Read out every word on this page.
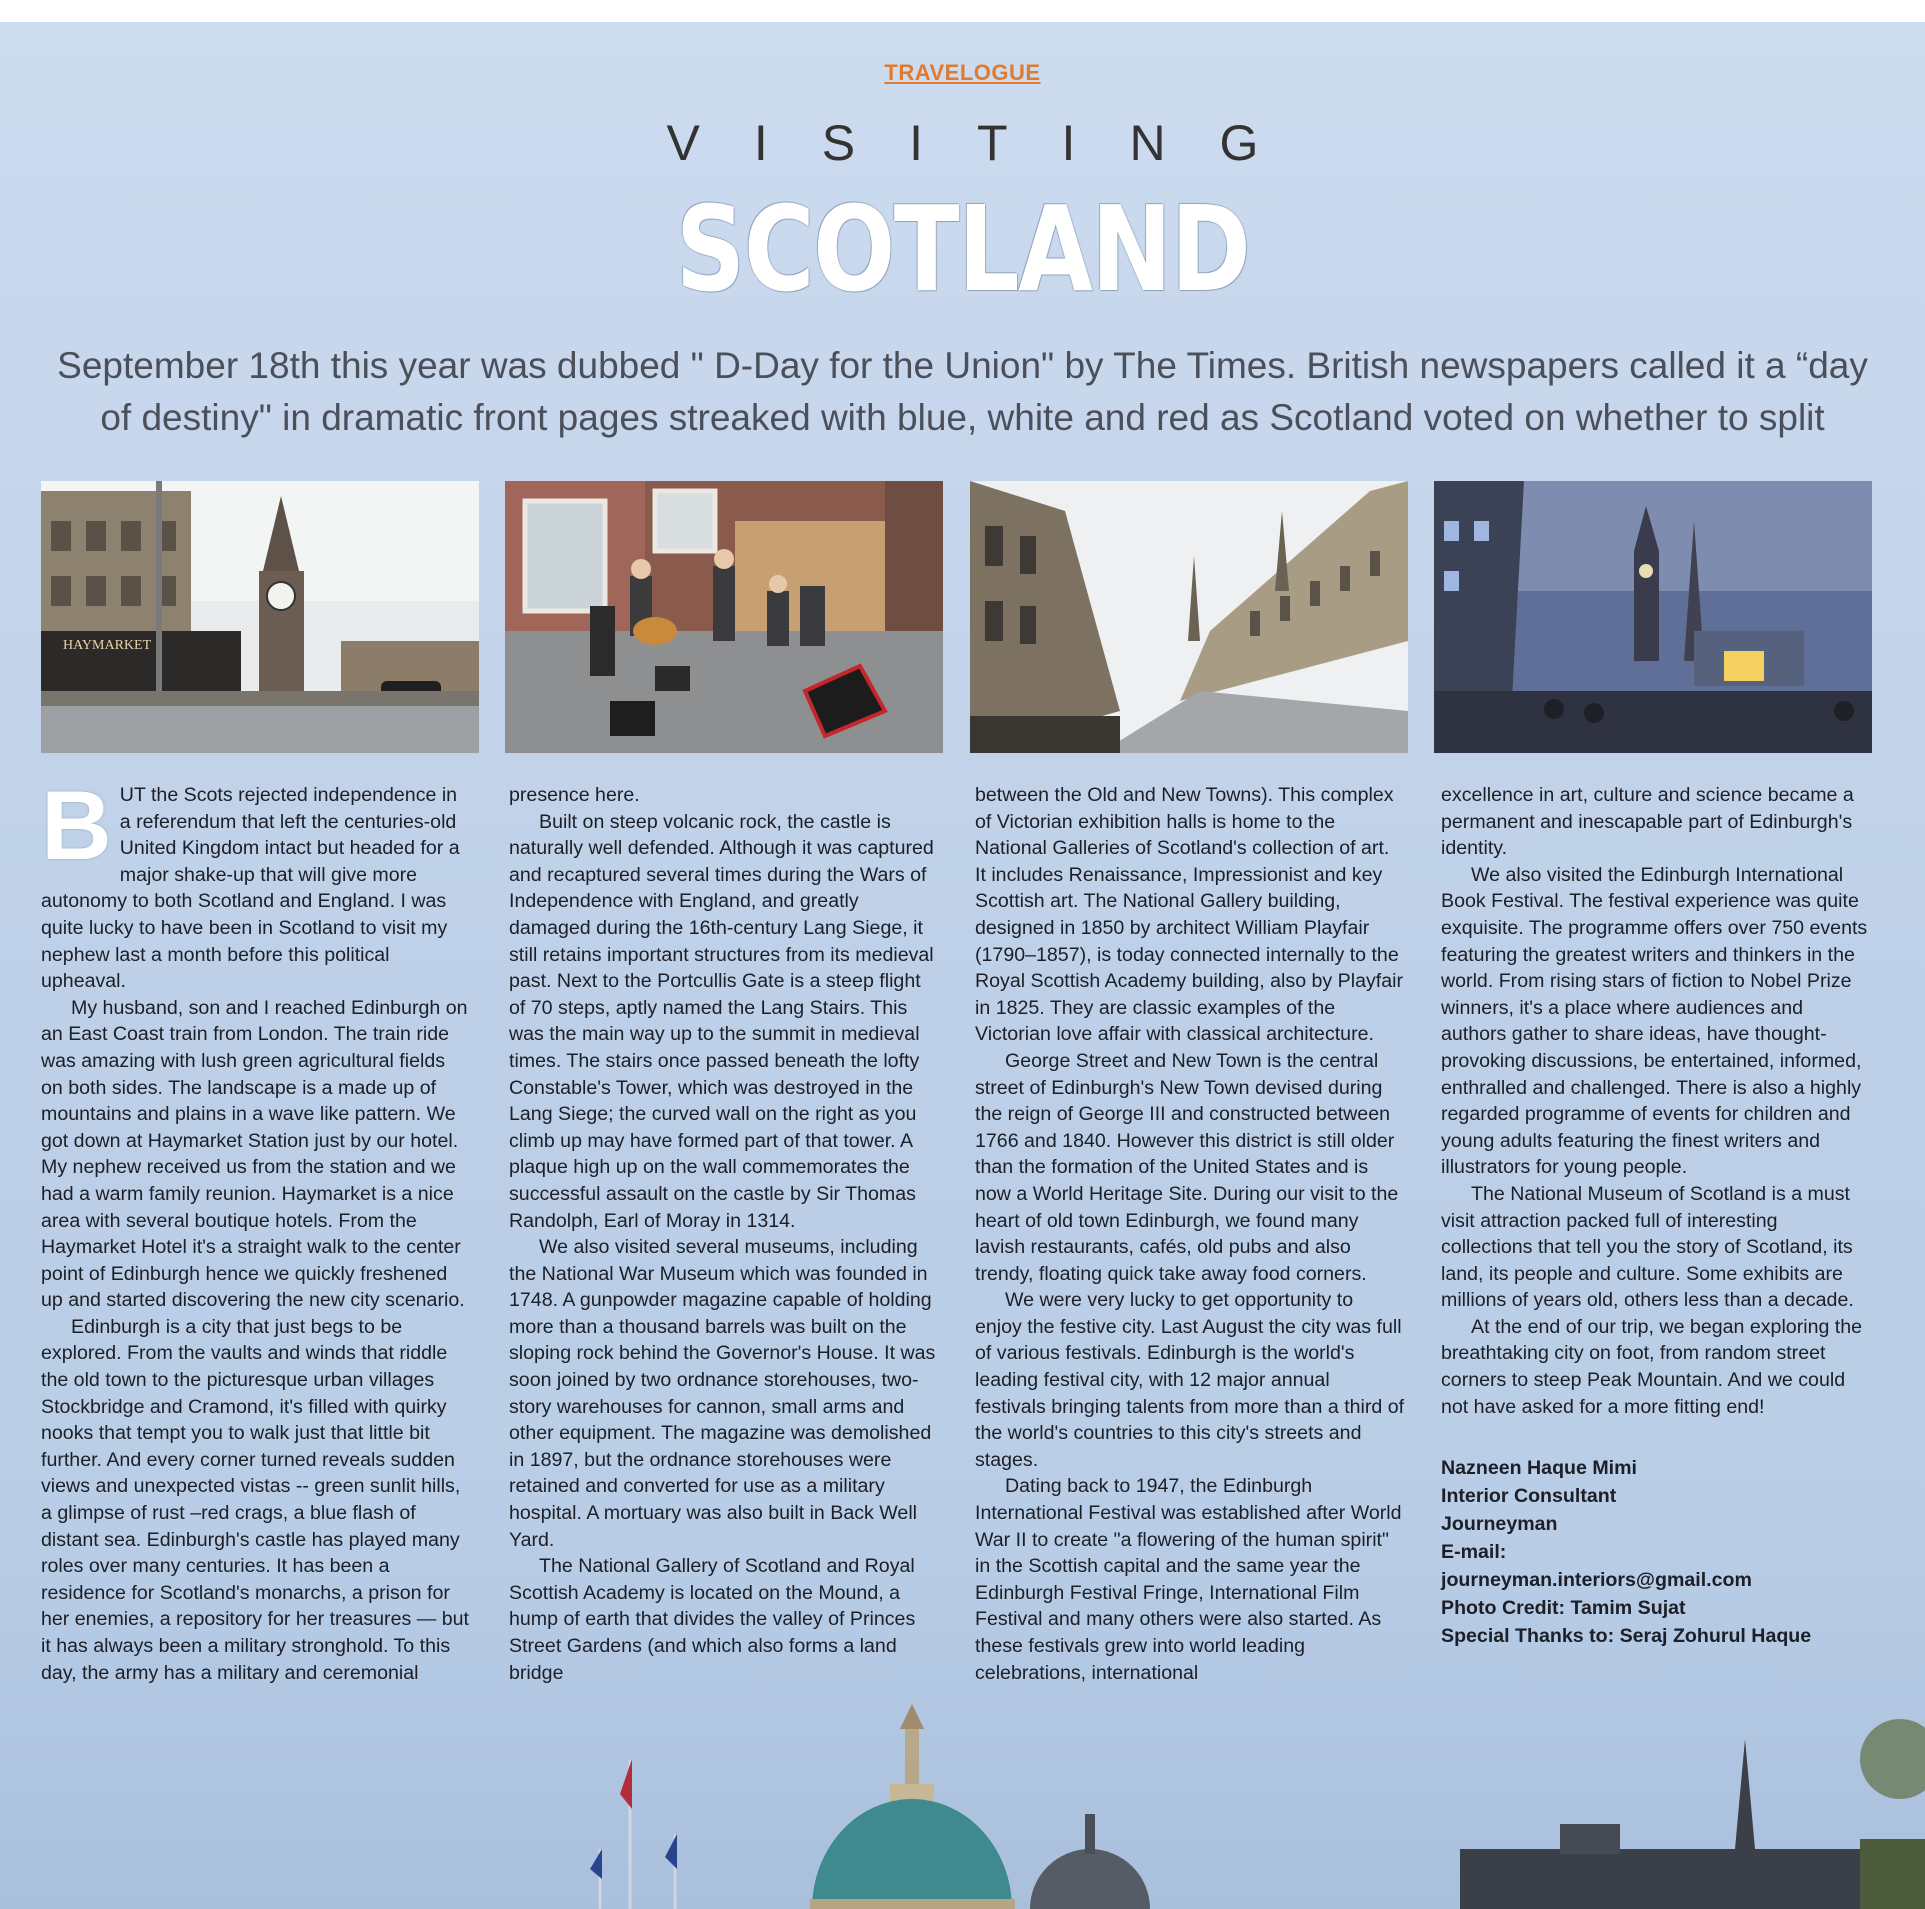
TRAVELOGUE
VISITING
SCOTLAND
September 18th this year was dubbed " D-Day for the Union" by The Times. British newspapers called it a “day of destiny" in dramatic front pages streaked with blue, white and red as Scotland voted on whether to split
HAYMARKET

BUT the Scots rejected independence in a referendum that left the centuries-old United Kingdom intact but headed for a major shake-up that will give more autonomy to both Scotland and England. I was quite lucky to have been in Scotland to visit my nephew last a month before this political upheaval.

My husband, son and I reached Edinburgh on an East Coast train from London. The train ride was amazing with lush green agricultural fields on both sides. The landscape is a made up of mountains and plains in a wave like pattern. We got down at Haymarket Station just by our hotel. My nephew received us from the station and we had a warm family reunion. Haymarket is a nice area with several boutique hotels. From the Haymarket Hotel it's a straight walk to the center point of Edinburgh hence we quickly freshened up and started discovering the new city scenario.

Edinburgh is a city that just begs to be explored. From the vaults and winds that riddle the old town to the picturesque urban villages Stockbridge and Cramond, it's filled with quirky nooks that tempt you to walk just that little bit further. And every corner turned reveals sudden views and unexpected vistas -- green sunlit hills, a glimpse of rust –red crags, a blue flash of distant sea. Edinburgh's castle has played many roles over many centuries. It has been a residence for Scotland's monarchs, a prison for her enemies, a repository for her treasures — but it has always been a military stronghold. To this day, the army has a military and ceremonial

presence here.

Built on steep volcanic rock, the castle is naturally well defended. Although it was captured and recaptured several times during the Wars of Independence with England, and greatly damaged during the 16th-century Lang Siege, it still retains important structures from its medieval past. Next to the Portcullis Gate is a steep flight of 70 steps, aptly named the Lang Stairs. This was the main way up to the summit in medieval times. The stairs once passed beneath the lofty Constable's Tower, which was destroyed in the Lang Siege; the curved wall on the right as you climb up may have formed part of that tower. A plaque high up on the wall commemorates the successful assault on the castle by Sir Thomas Randolph, Earl of Moray in 1314.

We also visited several museums, including the National War Museum which was founded in 1748. A gunpowder magazine capable of holding more than a thousand barrels was built on the sloping rock behind the Governor's House. It was soon joined by two ordnance storehouses, two-story warehouses for cannon, small arms and other equipment. The magazine was demolished in 1897, but the ordnance storehouses were retained and converted for use as a military hospital. A mortuary was also built in Back Well Yard.

The National Gallery of Scotland and Royal Scottish Academy is located on the Mound, a hump of earth that divides the valley of Princes Street Gardens (and which also forms a land bridge

between the Old and New Towns). This complex of Victorian exhibition halls is home to the National Galleries of Scotland's collection of art. It includes Renaissance, Impressionist and key Scottish art. The National Gallery building, designed in 1850 by architect William Playfair (1790–1857), is today connected internally to the Royal Scottish Academy building, also by Playfair in 1825. They are classic examples of the Victorian love affair with classical architecture.

George Street and New Town is the central street of Edinburgh's New Town devised during the reign of George III and constructed between 1766 and 1840. However this district is still older than the formation of the United States and is now a World Heritage Site. During our visit to the heart of old town Edinburgh, we found many lavish restaurants, cafés, old pubs and also trendy, floating quick take away food corners.

We were very lucky to get opportunity to enjoy the festive city. Last August the city was full of various festivals. Edinburgh is the world's leading festival city, with 12 major annual festivals bringing talents from more than a third of the world's countries to this city's streets and stages.

Dating back to 1947, the Edinburgh International Festival was established after World War II to create "a flowering of the human spirit" in the Scottish capital and the same year the Edinburgh Festival Fringe, International Film Festival and many others were also started. As these festivals grew into world leading celebrations, international

excellence in art, culture and science became a permanent and inescapable part of Edinburgh's identity.

We also visited the Edinburgh International Book Festival. The festival experience was quite exquisite. The programme offers over 750 events featuring the greatest writers and thinkers in the world. From rising stars of fiction to Nobel Prize winners, it's a place where audiences and authors gather to share ideas, have thought-provoking discussions, be entertained, informed, enthralled and challenged. There is also a highly regarded programme of events for children and young adults featuring the finest writers and illustrators for young people.

The National Museum of Scotland is a must visit attraction packed full of interesting collections that tell you the story of Scotland, its land, its people and culture. Some exhibits are millions of years old, others less than a decade.

At the end of our trip, we began exploring the breathtaking city on foot, from random street corners to steep Peak Mountain. And we could not have asked for a more fitting end!

Nazneen Haque Mimi
Interior Consultant
Journeyman
E-mail:
journeyman.interiors@gmail.com
Photo Credit: Tamim Sujat
Special Thanks to: Seraj Zohurul Haque
